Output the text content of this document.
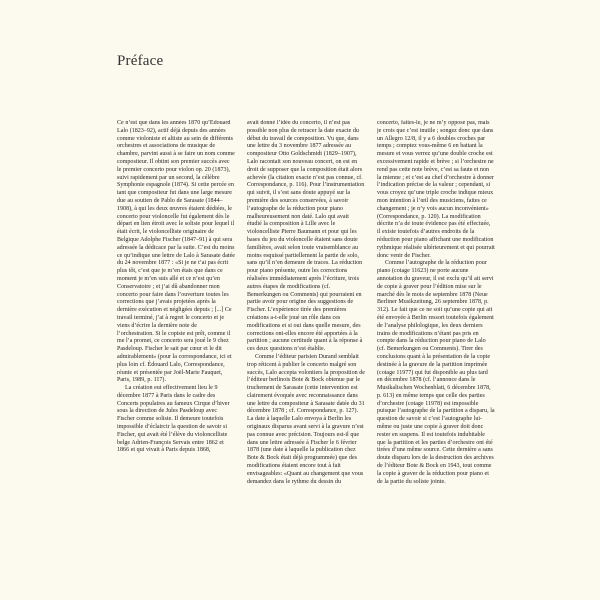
Préface

Ce n’est que dans les années 1870 qu’Édouard Lalo (1823–92), actif déjà depuis des années comme violoniste et altiste au sein de différents orchestres et associations de musique de chambre, parvint aussi à se faire un nom comme compositeur. Il obtint son premier succès avec le premier concerto pour violon op. 20 (1873), suivi rapidement par un second, la célèbre Symphonie espagnole (1874). Si cette percée en tant que compositeur fut dans une large mesure due au soutien de Pablo de Sarasate (1844–1908), à qui les deux œuvres étaient dédiées, le concerto pour violoncelle fut également dès le départ en lien étroit avec le soliste pour lequel il était écrit, le violoncelliste originaire de Belgique Adolphe Fischer (1847–91) à qui sera adressée la dédicace par la suite. C’est du moins ce qu’indique une lettre de Lalo à Sarasate datée du 24 novembre 1877 : «Si je ne t’ai pas écrit plus tôt, c’est que je m’en étais que dans ce moment je m’en suis allé et ce n’est qu’en Conservatoire ; et j’ai dû abandonner mon concerto pour faire dans l’ouverture toutes les corrections que j’avais projetées après la dernière exécution et négligées depuis ; [...] Ce travail terminé, j’ai à regret le concerto et je viens d’écrire la dernière note de l’orchestration. Si le copiste est prêt, comme il me l’a promet, ce concerto sera joué le 9 chez Pasdeloup. Fischer le sait par cœur et le dit admirablement» (pour la correspondance, ici et plus loin cf. Édouard Lalo, Correspondance, réunie et présentée par Joël-Marie Fauquet, Paris, 1989, p. 117).

La création eut effectivement lieu le 9 décembre 1877 à Paris dans le cadre des Concerts populaires au fameux Cirque d’hiver sous la direction de Jules Pasdeloup avec Fischer comme soliste. Il demeure toutefois impossible d’éclaircir la question de savoir si Fischer, qui avait été l’élève du violoncelliste belge Adrien-François Servais entre 1862 et 1866 et qui vivait à Paris depuis 1868,

avait donné l’idée du concerto, il n’est pas possible non plus de retracer la date exacte du début du travail de composition. Vu que, dans une lettre du 3 novembre 1877 adressée au compositeur Otto Goldschmidt (1829–1907), Lalo racontait son nouveau concert, on est en droit de supposer que la composition était alors achevée (la citation exacte n’est pas connue, cf. Correspondance, p. 116). Pour l’instrumentation qui suivit, il s’est sans doute appuyé sur la première des sources conservées, à savoir l’autographe de la réduction pour piano malheureusement non daté. Lalo qui avait étudié la composition à Lille avec le violoncelliste Pierre Baumann et pour qui les bases du jeu du violoncelle étaient sans doute familières, avait selon toute vraisemblance au moins esquissé partiellement la partie de solo, sans qu’il n’en demeure de traces. La réduction pour piano présente, outre les corrections réalisées immédiatement après l’écriture, trois autres étapes de modifications (cf. Bemerkungen ou Comments) qui pourraient en partie avoir pour origine des suggestions de Fischer. L’expérience tirée des premières créations a-t-elle joué un rôle dans ces modifications et si oui dans quelle mesure, des corrections ont-elles encore été apportées à la partition ; aucune certitude quant à la réponse à ces deux questions n’est établie.

Comme l’éditeur parisien Durand semblait trop réticent à publier le concerto malgré son succès, Lalo accepta volontiers la proposition de l’éditeur berlinois Bote & Bock obtenue par le truchement de Sarasate (cette intervention est clairement évoquée avec reconnaissance dans une lettre du compositeur à Sarasate datée du 31 décembre 1878 ; cf. Correspondance, p. 127). La date à laquelle Lalo envoya à Berlin les originaux disparus avant servi à la gravure n’est pas connue avec précision. Toujours est-il que dans une lettre adressée à Fischer le 6 février 1878 (une date à laquelle la publication chez Bote & Bock était déjà programmée) que des modifications étaient encore tout à fait envisageables: «Quant au changement que vous demandez dans le rythme du dessin du

concerto, faites-le, je ne m’y oppose pas, mais je crois que c’est inutile ; songez donc que dans un Allegro 12/8, il y a 6 doubles croches par temps ; comptez vous-même 6 en battant la mesure et vous verrez qu’une double croche est excessivement rapide et brève ; si l’orchestre ne rend pas cette note brève, c’est sa faute et non la mienne ; et c’est au chef d’orchestre à donner l’indication précise de la valeur ; cependant, si vous croyez qu’une triple croche indique mieux mon intention à l’œil des musiciens, faites ce changement ; je n’y vois aucun inconvénient» (Correspondance, p. 120). La modification décrite n’a de toute évidence pas été effectuée, il existe toutefois d’autres endroits de la réduction pour piano affichant une modification rythmique réalisée ultérieurement et qui pourrait donc venir de Fischer.

Comme l’autographe de la réduction pour piano (cotage 11623) ne porte aucune annotation du graveur, il est exclu qu’il ait servi de copie à graver pour l’édition mise sur le marché dès le mois de septembre 1878 (Neue Berliner Musikzeitung, 26 septembre 1878, p. 312). Le fait que ce ne soit qu’une copie qui ait été envoyée à Berlin ressort toutefois également de l’analyse philologique, les deux derniers trains de modifications n’étant pas pris en compte dans la réduction pour piano de Lalo (cf. Bemerkungen ou Comments). Tirer des conclusions quant à la présentation de la copie destinée à la gravure de la partition imprimée (cotage 11977) qui fut disponible au plus tard en décembre 1878 (cf. l’annonce dans le Musikalischen Wochenblatt, 6 décembre 1878, p. 613) en même temps que celle des parties d’orchestre (cotage 11978) est impossible puisque l’autographe de la partition a disparu, la question de savoir si c’est l’autographe lui-même ou juste une copie à graver doit donc rester en suspens. Il est toutefois indubitable que la partition et les parties d’orchestre ont été tirées d’une même source. Cette dernière a sans doute disparu lors de la destruction des archives de l’éditeur Bote & Bock en 1943, tout comme la copie à graver de la réduction pour piano et de la partie du soliste jointe.
